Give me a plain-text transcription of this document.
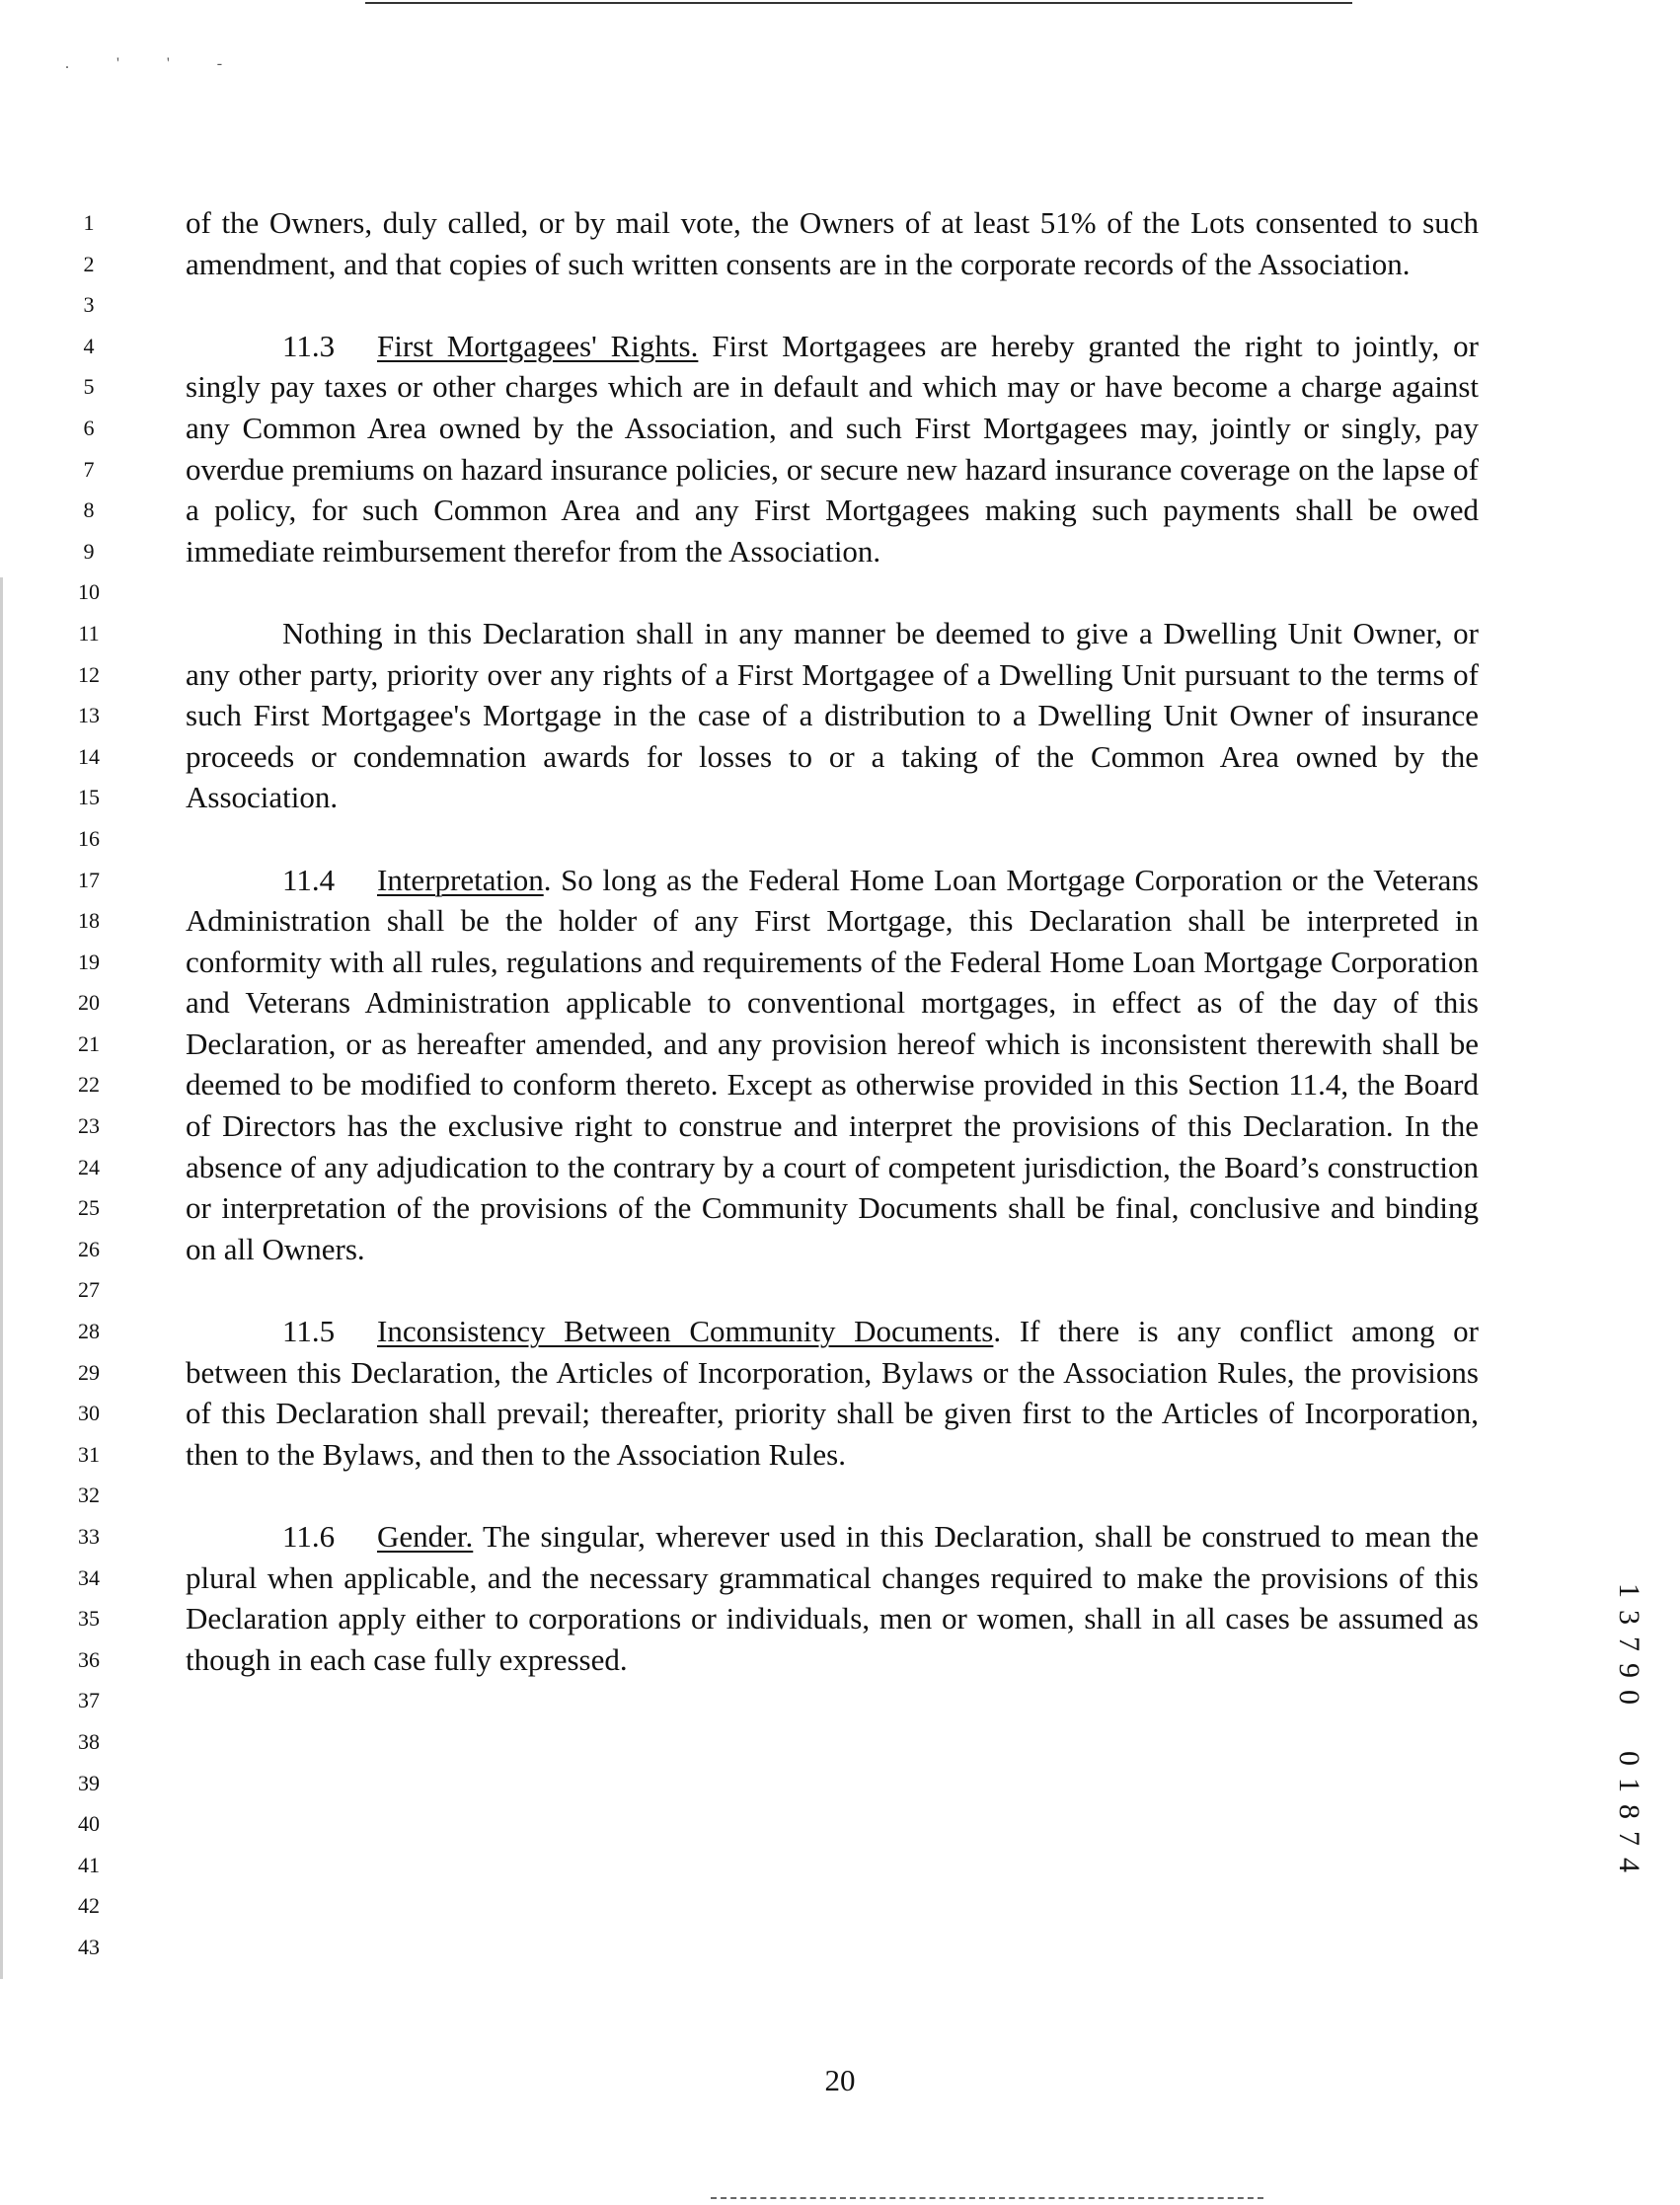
. ' ' -
1
2
3
4
5
6
7
8
9
10
11
12
13
14
15
16
17
18
19
20
21
22
23
24
25
26
27
28
29
30
31
32
33
34
35
36
37
38
39
40
41
42
43

of the Owners, duly called, or by mail vote, the Owners of at least 51% of the Lots consented to such amendment, and that copies of such written consents are in the corporate records of the Association.

11.3 First Mortgagees' Rights. First Mortgagees are hereby granted the right to jointly, or singly pay taxes or other charges which are in default and which may or have become a charge against any Common Area owned by the Association, and such First Mortgagees may, jointly or singly, pay overdue premiums on hazard insurance policies, or secure new hazard insurance coverage on the lapse of a policy, for such Common Area and any First Mortgagees making such payments shall be owed immediate reimbursement therefor from the Association.

Nothing in this Declaration shall in any manner be deemed to give a Dwelling Unit Owner, or any other party, priority over any rights of a First Mortgagee of a Dwelling Unit pursuant to the terms of such First Mortgagee's Mortgage in the case of a distribution to a Dwelling Unit Owner of insurance proceeds or condemnation awards for losses to or a taking of the Common Area owned by the Association.

11.4 Interpretation. So long as the Federal Home Loan Mortgage Corporation or the Veterans Administration shall be the holder of any First Mortgage, this Declaration shall be interpreted in conformity with all rules, regulations and requirements of the Federal Home Loan Mortgage Corporation and Veterans Administration applicable to conventional mortgages, in effect as of the day of this Declaration, or as hereafter amended, and any provision hereof which is inconsistent therewith shall be deemed to be modified to conform thereto. Except as otherwise provided in this Section 11.4, the Board of Directors has the exclusive right to construe and interpret the provisions of this Declaration. In the absence of any adjudication to the contrary by a court of competent jurisdiction, the Board’s construction or interpretation of the provisions of the Community Documents shall be final, conclusive and binding on all Owners.

11.5 Inconsistency Between Community Documents. If there is any conflict among or between this Declaration, the Articles of Incorporation, Bylaws or the Association Rules, the provisions of this Declaration shall prevail; thereafter, priority shall be given first to the Articles of Incorporation, then to the Bylaws, and then to the Association Rules.

11.6 Gender. The singular, wherever used in this Declaration, shall be construed to mean the plural when applicable, and the necessary grammatical changes required to make the provisions of this Declaration apply either to corporations or individuals, men or women, shall in all cases be assumed as though in each case fully expressed.

1
3
7
9
0
0
1
8
7
4
20
